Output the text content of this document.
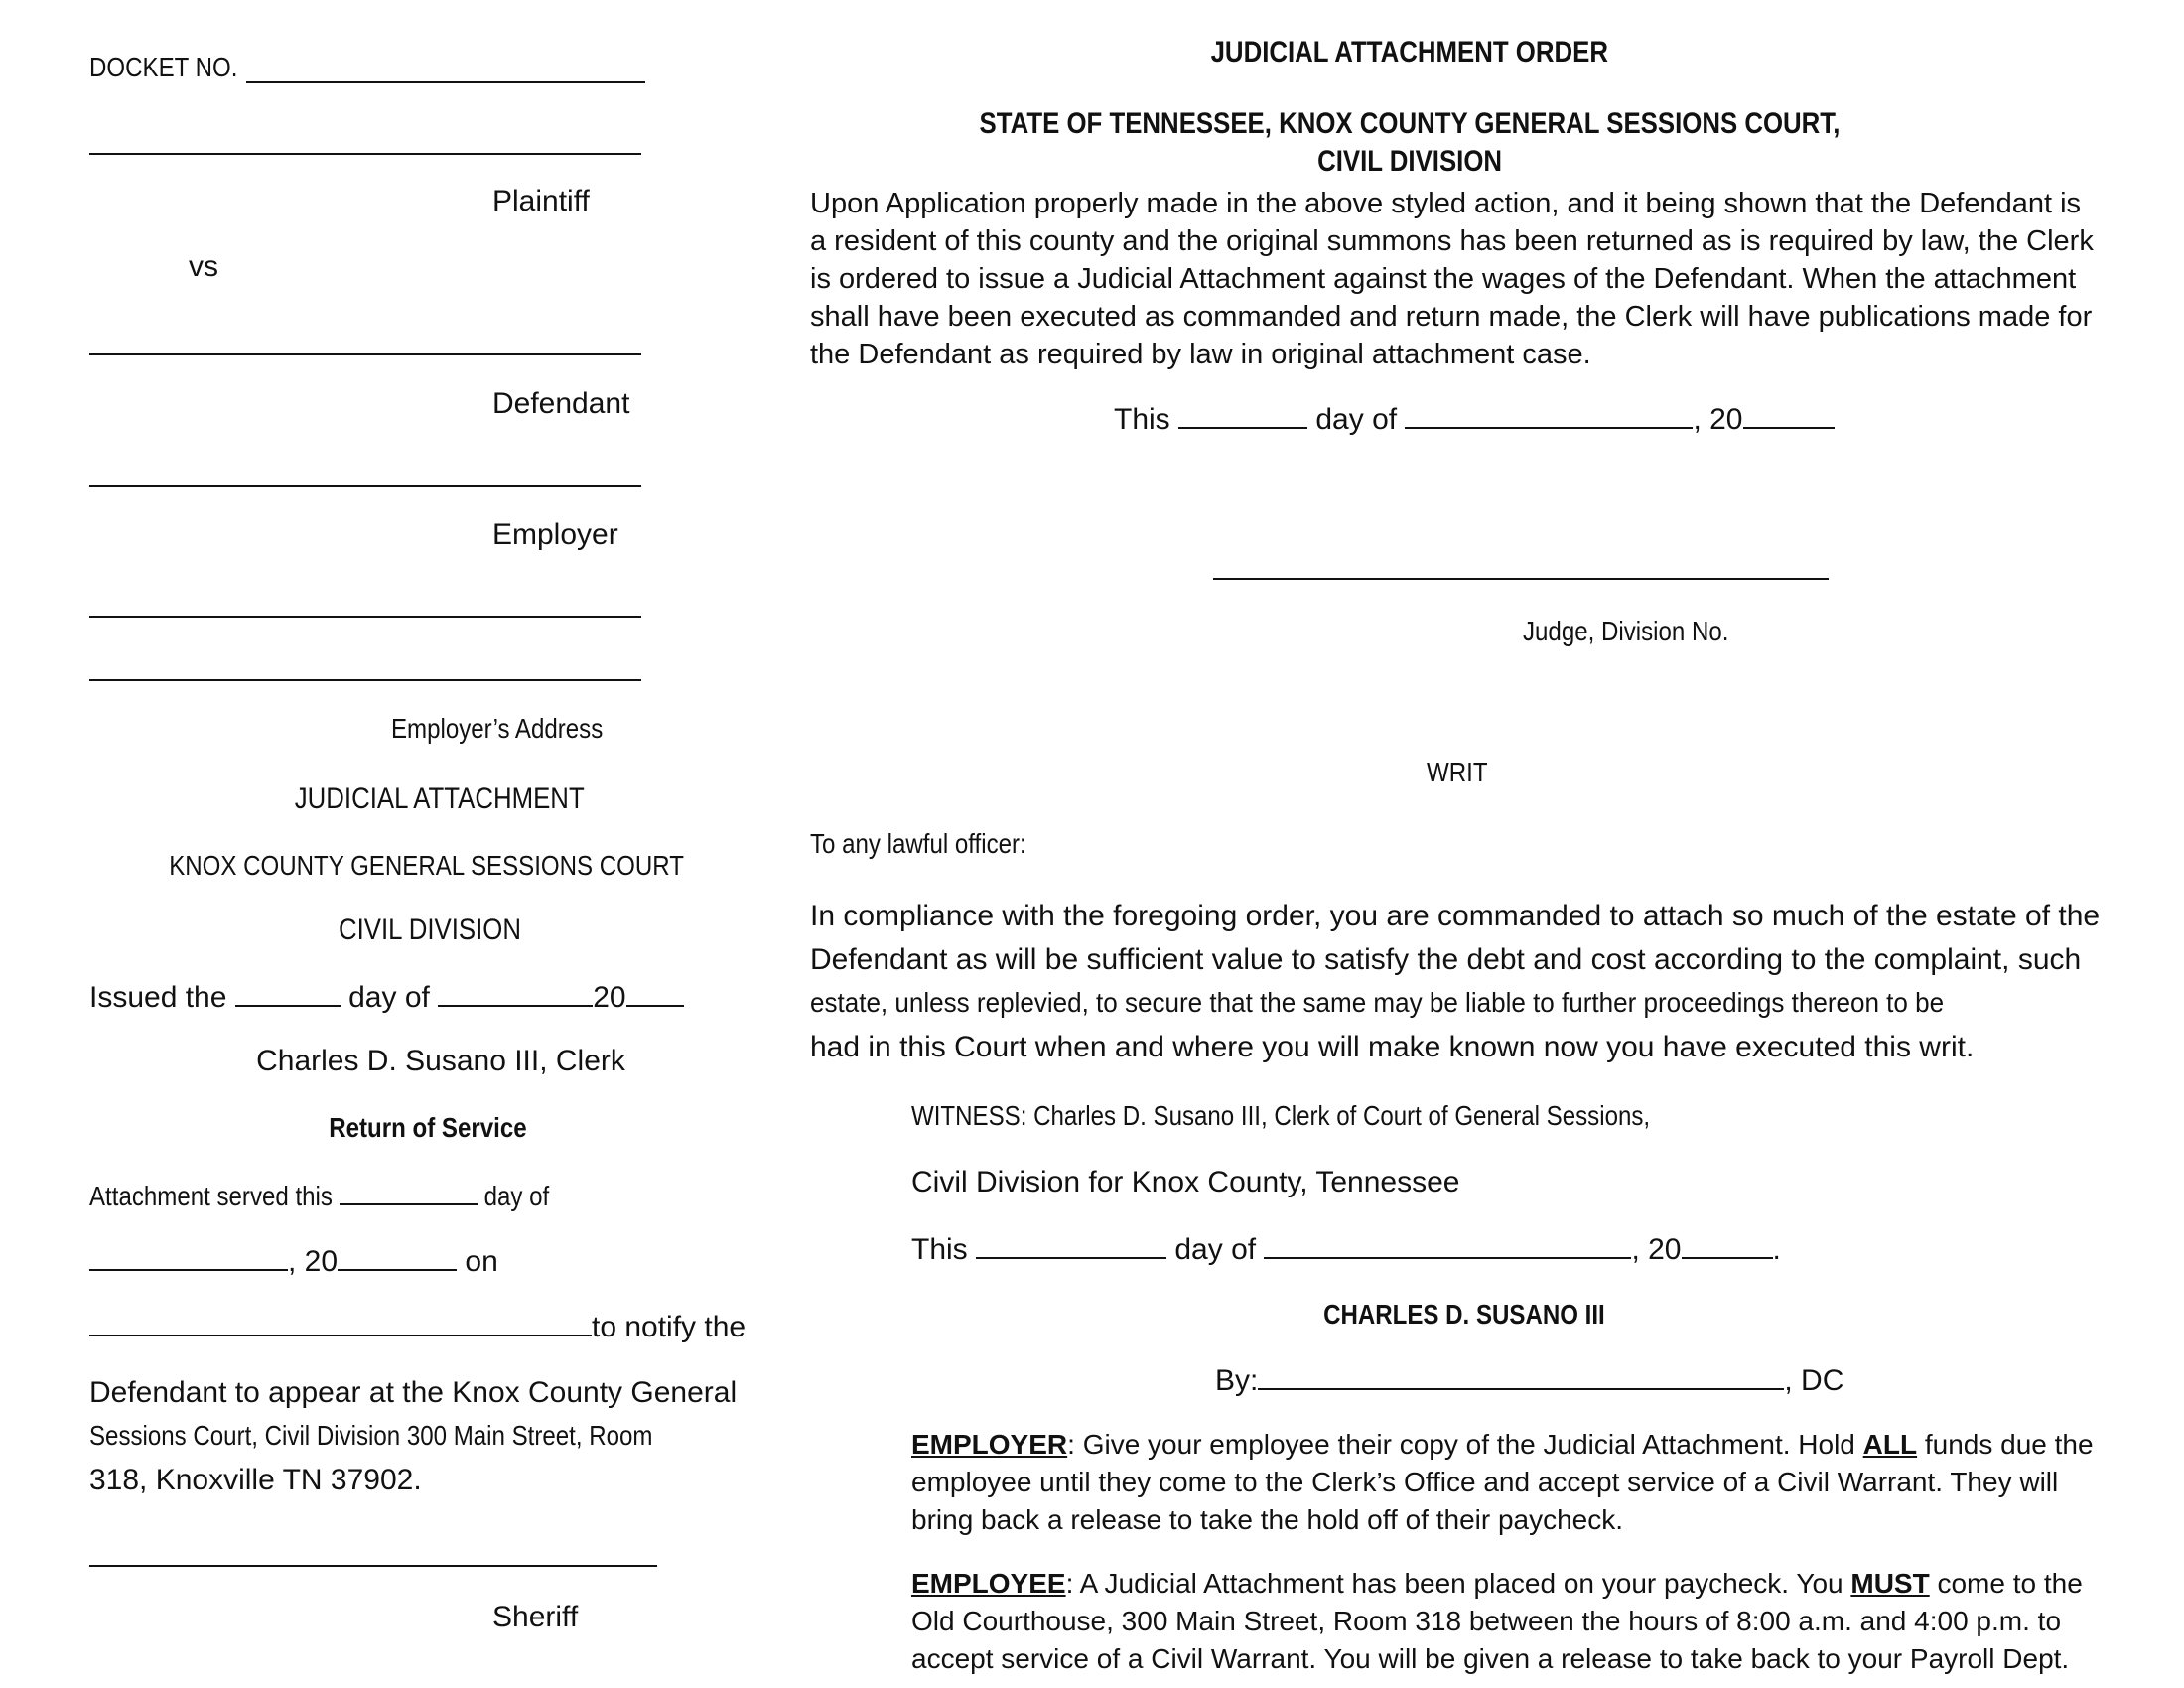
DOCKET NO.
Plaintiff
vs
Defendant
Employer
Employer’s Address
JUDICIAL ATTACHMENT
KNOX COUNTY GENERAL SESSIONS COURT
CIVIL DIVISION
Issued the	day of	20
Charles D. Susano III, Clerk
Return of Service
Attachment served this	day of
, 20	on
to notify the
Defendant to appear at the Knox County General
Sessions Court, Civil Division 300 Main Street, Room
318, Knoxville TN 37902.
Sheriff
JUDICIAL ATTACHMENT ORDER
STATE OF TENNESSEE, KNOX COUNTY GENERAL SESSIONS COURT,
CIVIL DIVISION
Upon Application properly made in the above styled action, and it being shown that the Defendant is a resident of this county and the original summons has been returned as is required by law, the Clerk is ordered to issue a Judicial Attachment against the wages of the Defendant. When the attachment shall have been executed as commanded and return made, the Clerk will have publications made for the Defendant as required by law in original attachment case.
This	day of	, 20
Judge, Division No.
WRIT
To any lawful officer:
In compliance with the foregoing order, you are commanded to attach so much of the estate of the
Defendant as will be sufficient value to satisfy the debt and cost according to the complaint, such
estate, unless replevied, to secure that the same may be liable to further proceedings thereon to be
had in this Court when and where you will make known now you have executed this writ.
WITNESS: Charles D. Susano III, Clerk of Court of General Sessions,
Civil Division for Knox County, Tennessee
This	day of	, 20	.
CHARLES D. SUSANO III
By:	, DC
EMPLOYER: Give your employee their copy of the Judicial Attachment. Hold ALL funds due the employee until they come to the Clerk’s Office and accept service of a Civil Warrant. They will bring back a release to take the hold off of their paycheck.
EMPLOYEE: A Judicial Attachment has been placed on your paycheck. You MUST come to the Old Courthouse, 300 Main Street, Room 318 between the hours of 8:00 a.m. and 4:00 p.m. to accept service of a Civil Warrant. You will be given a release to take back to your Payroll Dept.
